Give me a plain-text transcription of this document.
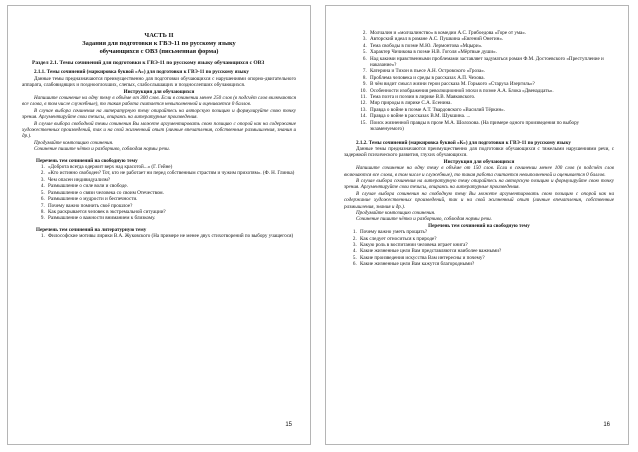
ЧАСТЬ II
Задания для подготовки к ГВЭ-11 по русскому языку
обучающихся с ОВЗ (письменная форма)
Раздел 2.1. Темы сочинений для подготовки к ГВЭ-11 по русскому языку обучающихся с ОВЗ
2.1.1. Темы сочинений (маркировка буквой «А») для подготовки к ГВЭ-11 по русскому языку

Данные темы предназначаются преимущественно для подготовки обучающихся с нарушениями опорно-двигательного аппарата, слабовидящих и позднооглохших, слепых, слабослышащих и позднослепших обучающихся.

Инструкция для обучающихся

Напишите сочинение на одну тему в объёме от 300 слов. Если в сочинении менее 250 слов (в подсчёт слов включаются все слова, в том числе служебные), то такая работа считается невыполненной и оценивается 0 баллов.

В случае выбора сочинения на литературную тему опирайтесь на авторскую позицию и формулируйте свою точку зрения. Аргументируйте свои тезисы, опираясь на литературные произведения.

В случае выбора свободной темы сочинения Вы можете аргументировать свою позицию с опорой как на содержание художественных произведений, так и на свой жизненный опыт (личные впечатления, собственные размышления, знания и др.).

Продумайте композицию сочинения.

Сочинение пишите чётко и разборчиво, соблюдая нормы речи.

Перечень тем сочинений на свободную тему
1. «Доброта всегда одержит верх над красотой...» (Г. Гейне)
2. «Кто истинно свободен? Тот, кто не работает ни перед собственным страстям и чужим прихотям». (Ф. Н. Глинка)
3. Чем опасен индивидуализм?
4. Размышление о силе воли и свободе.
5. Размышление о связи человека со своим Отечеством.
6. Размышление о мудрости и беспечности.
7. Почему важно помнить своё прошлое?
8. Как раскрывается человек в экстремальной ситуации?
9. Размышление о важности вниманием к близкому.
Перечень тем сочинений на литературную тему
1. Философские мотивы лирики В.А. Жуковского (На примере не менее двух стихотворений по выбору учащегося)
15
2. Молчалин и «молчалинство» в комедии А.С. Грибоедова «Горе от ума».
3. Авторский идеал в романе А.С. Пушкина «Евгений Онегин».
4. Тема свободы в поэме М.Ю. Лермонтова «Мцыри».
5. Характер Чичикова в поэме Н.В. Гоголя «Мёртвые души».
6. Над какими нравственными проблемами заставляет задуматься роман Ф.М. Достоевского «Преступление и наказание»?
7. Катерина и Тихон в пьесе А.Н. Островского «Гроза».
8. Проблема человека и среды в рассказах А.П. Чехова.
9. В чём видит смысл жизни герои рассказа М. Горького «Старуха Изергиль»?
10. Особенности изображения революционной эпохи в поэме А.А. Блока «Двенадцать».
11. Тема поэта и поэзии в лирике В.В. Маяковского.
12. Мир природы в лирике С.А. Есенина.
13. Правда о войне в поэме А.Т. Твардовского «Василий Тёркин».
14. Правда о войне в рассказах В.М. Шукшина. ...
15. Поиск жизненной правды в прозе М.А. Шолохова. (На примере одного произведения по выбору экзаменуемого)
2.1.2. Темы сочинений (маркировка буквой «К») для подготовки к ГВЭ-11 по русскому языку

Данные темы предназначаются преимущественно для подготовки обучающихся с тяжелыми нарушениями речи, с задержкой психического развития, глухих обучающихся.

Инструкция для обучающихся

Напишите сочинение на одну тему в объёме от 150 слов. Если в сочинении менее 100 слов (в подсчёт слов включаются все слова, в том числе и служебные), то такая работа считается невыполненной и оценивается 0 баллов.

В случае выбора сочинения на литературную тему опирайтесь на авторскую позицию и формулируйте свою точку зрения. Аргументируйте свои тезисы, опираясь на литературные произведения.

В случае выбора сочинения на свободную тему Вы можете аргументировать свою позицию с опорой как на содержание художественных произведений, так и на свой жизненный опыт (личные впечатления, собственные размышления, знания и др.).

Продумайте композицию сочинения.

Сочинение пишите чётко и разборчиво, соблюдая нормы речи.

Перечень тем сочинений на свободную тему
1. Почему важно уметь прощать?
2. Как следует относиться к природе?
3. Какую роль в воспитании человека играет книга?
4. Какие жизненные цели Вам представляются наиболее важными?
5. Какие произведения искусства Вам интересны и почему?
6. Какие жизненные цели Вам кажутся благородными?
16
